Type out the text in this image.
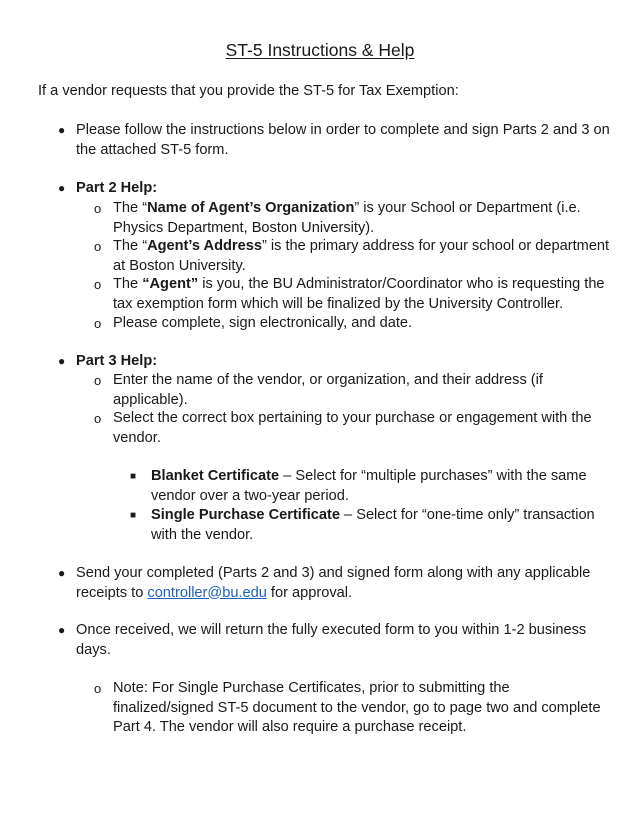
ST-5 Instructions & Help
If a vendor requests that you provide the ST-5 for Tax Exemption:
● Please follow the instructions below in order to complete and sign Parts 2 and 3 on the attached ST-5 form.
● Part 2 Help:
o The “Name of Agent’s Organization” is your School or Department (i.e. Physics Department, Boston University).
o The “Agent’s Address” is the primary address for your school or department at Boston University.
o The “Agent” is you, the BU Administrator/Coordinator who is requesting the tax exemption form which will be finalized by the University Controller.
o Please complete, sign electronically, and date.
● Part 3 Help:
o Enter the name of the vendor, or organization, and their address (if applicable).
o Select the correct box pertaining to your purchase or engagement with the vendor.
■ Blanket Certificate – Select for “multiple purchases” with the same vendor over a two-year period.
■ Single Purchase Certificate – Select for “one-time only” transaction with the vendor.
● Send your completed (Parts 2 and 3) and signed form along with any applicable receipts to controller@bu.edu for approval.
● Once received, we will return the fully executed form to you within 1-2 business days.
o Note: For Single Purchase Certificates, prior to submitting the finalized/signed ST-5 document to the vendor, go to page two and complete Part 4. The vendor will also require a purchase receipt.
